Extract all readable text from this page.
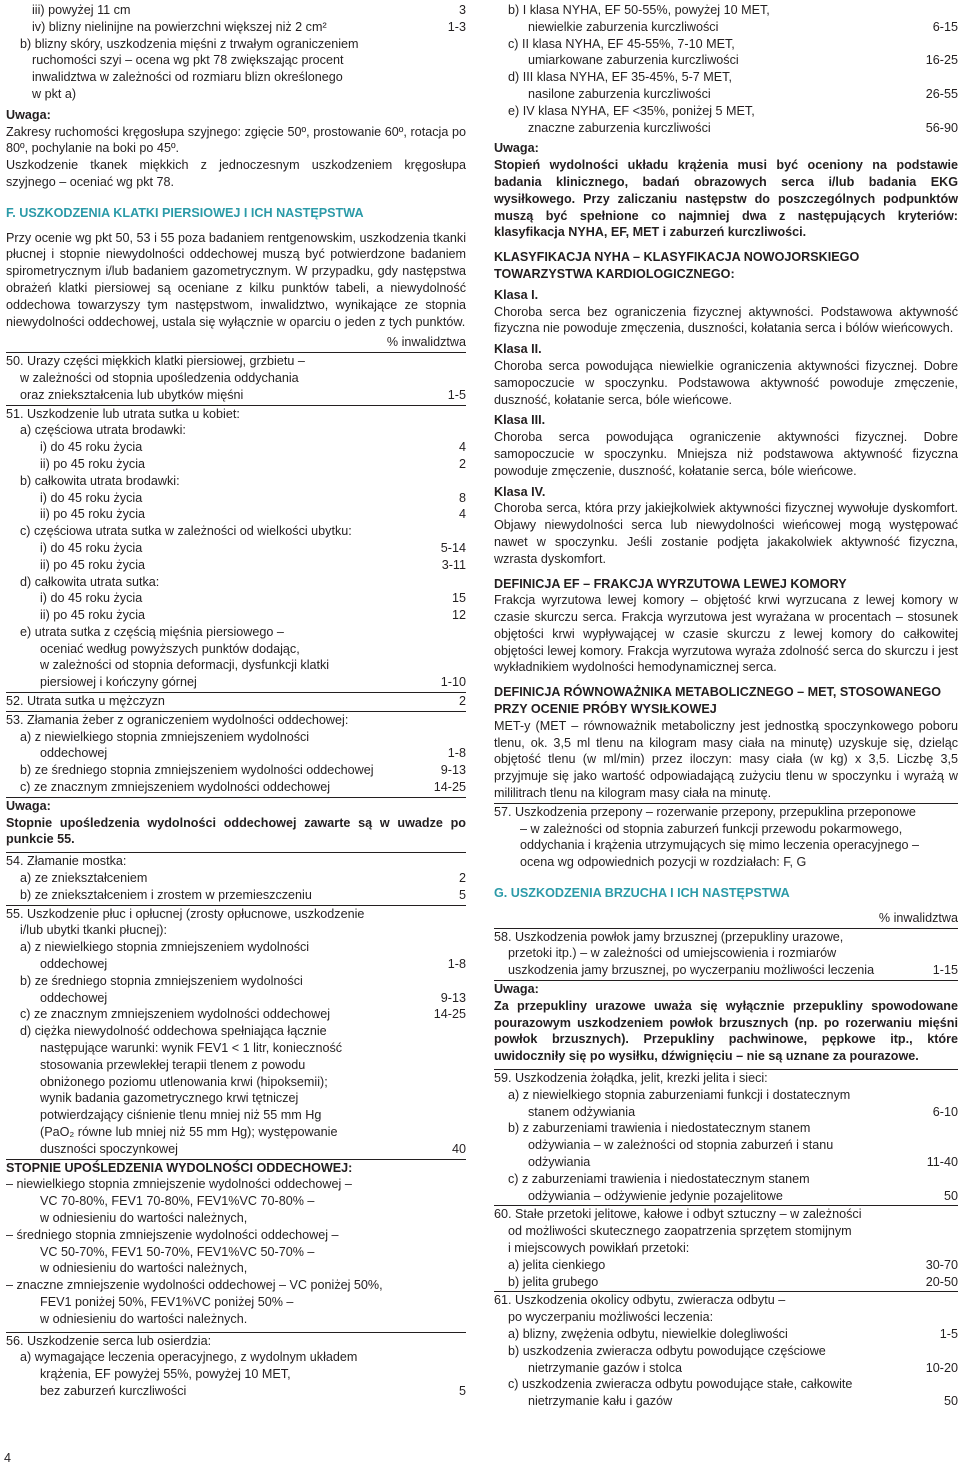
iii) powyżej 11 cm	3
iv) blizny nielinijne na powierzchni większej niż 2 cm²	1-3
b) blizny skóry, uszkodzenia mięśni z trwałym ograniczeniem
ruchomości szyi – ocena wg pkt 78 zwiększając procent
inwalidztwa w zależności od rozmiaru blizn określonego
w pkt a)
Uwaga:
Zakresy ruchomości kręgosłupa szyjnego: zgięcie 50º, prostowanie 60º, rotacja po 80º, pochylanie na boki po 45º.
Uszkodzenie tkanek miękkich z jednoczesnym uszkodzeniem kręgosłupa szyjnego – oceniać wg pkt 78.
F. USZKODZENIA KLATKI PIERSIOWEJ I ICH NASTĘPSTWA
Przy ocenie wg pkt 50, 53 i 55 poza badaniem rentgenowskim, uszkodzenia tkanki płucnej i stopnie niewydolności oddechowej muszą być potwierdzone badaniem spirometrycznym i/lub badaniem gazometrycznym. W przypadku, gdy następstwa obrażeń klatki piersiowej są oceniane z kilku punktów tabeli, a niewydolność oddechowa towarzyszy tym następstwom, inwalidztwo, wynikające ze stopnia niewydolności oddechowej, ustala się wyłącznie w oparciu o jeden z tych punktów.
% inwalidztwa
50. Urazy części miękkich klatki piersiowej, grzbietu –
w zależności od stopnia upośledzenia oddychania
oraz zniekształcenia lub ubytków mięśni	1-5
51. Uszkodzenie lub utrata sutka u kobiet:
a) częściowa utrata brodawki:
i) do 45 roku życia	4
ii) po 45 roku życia	2
b) całkowita utrata brodawki:
i) do 45 roku życia	8
ii) po 45 roku życia	4
c) częściowa utrata sutka w zależności od wielkości ubytku:
i) do 45 roku życia	5-14
ii) po 45 roku życia	3-11
d) całkowita utrata sutka:
i) do 45 roku życia	15
ii) po 45 roku życia	12
e) utrata sutka z częścią mięśnia piersiowego –
oceniać według powyższych punktów dodając,
w zależności od stopnia deformacji, dysfunkcji klatki
piersiowej i kończyny górnej	1-10
52. Utrata sutka u mężczyzn	2
53. Złamania żeber z ograniczeniem wydolności oddechowej:
a) z niewielkiego stopnia zmniejszeniem wydolności
oddechowej	1-8
b) ze średniego stopnia zmniejszeniem wydolności oddechowej	9-13
c) ze znacznym zmniejszeniem wydolności oddechowej	14-25
Uwaga:
Stopnie upośledzenia wydolności oddechowej zawarte są w uwadze po punkcie 55.
54. Złamanie mostka:
a) ze zniekształceniem	2
b) ze zniekształceniem i zrostem w przemieszczeniu	5
55. Uszkodzenie płuc i opłucnej (zrosty opłucnowe, uszkodzenie
i/lub ubytki tkanki płucnej):
a) z niewielkiego stopnia zmniejszeniem wydolności
oddechowej	1-8
b) ze średniego stopnia zmniejszeniem wydolności
oddechowej	9-13
c) ze znacznym zmniejszeniem wydolności oddechowej	14-25
d) ciężka niewydolność oddechowa spełniająca łącznie
następujące warunki: wynik FEV1 < 1 litr, konieczność
stosowania przewlekłej terapii tlenem z powodu
obniżonego poziomu utlenowania krwi (hipoksemii);
wynik badania gazometrycznego krwi tętniczej
potwierdzający ciśnienie tlenu mniej niż 55 mm Hg
(PaO₂ równe lub mniej niż 55 mm Hg); występowanie
duszności spoczynkowej	40
STOPNIE UPOŚLEDZENIA WYDOLNOŚCI ODDECHOWEJ:
– niewielkiego stopnia zmniejszenie wydolności oddechowej –
VC 70-80%, FEV1 70-80%, FEV1%VC 70-80% –
w odniesieniu do wartości należnych,
– średniego stopnia zmniejszenie wydolności oddechowej –
VC 50-70%, FEV1 50-70%, FEV1%VC 50-70% –
w odniesieniu do wartości należnych,
– znaczne zmniejszenie wydolności oddechowej – VC poniżej 50%,
FEV1 poniżej 50%, FEV1%VC poniżej 50% –
w odniesieniu do wartości należnych.
56. Uszkodzenie serca lub osierdzia:
a) wymagające leczenia operacyjnego, z wydolnym układem
krążenia, EF powyżej 55%, powyżej 10 MET,
bez zaburzeń kurczliwości	5
b) I klasa NYHA, EF 50-55%, powyżej 10 MET,
niewielkie zaburzenia kurczliwości	6-15
c) II klasa NYHA, EF 45-55%, 7-10 MET,
umiarkowane zaburzenia kurczliwości	16-25
d) III klasa NYHA, EF 35-45%, 5-7 MET,
nasilone zaburzenia kurczliwości	26-55
e) IV klasa NYHA, EF <35%, poniżej 5 MET,
znaczne zaburzenia kurczliwości	56-90
Uwaga:
Stopień wydolności układu krążenia musi być oceniony na podstawie badania klinicznego, badań obrazowych serca i/lub badania EKG wysiłkowego. Przy zaliczaniu następstw do poszczególnych podpunktów muszą być spełnione co najmniej dwa z następujących kryteriów: klasyfikacja NYHA, EF, MET i zaburzeń kurczliwości.
KLASYFIKACJA NYHA – KLASYFIKACJA NOWOJORSKIEGO TOWARZYSTWA KARDIOLOGICZNEGO:
Klasa I.
Choroba serca bez ograniczenia fizycznej aktywności. Podstawowa aktywność fizyczna nie powoduje zmęczenia, duszności, kołatania serca i bólów wieńcowych.
Klasa II.
Choroba serca powodująca niewielkie ograniczenia aktywności fizycznej. Dobre samopoczucie w spoczynku. Podstawowa aktywność powoduje zmęczenie, duszność, kołatanie serca, bóle wieńcowe.
Klasa III.
Choroba serca powodująca ograniczenie aktywności fizycznej. Dobre samopoczucie w spoczynku. Mniejsza niż podstawowa aktywność fizyczna powoduje zmęczenie, duszność, kołatanie serca, bóle wieńcowe.
Klasa IV.
Choroba serca, która przy jakiejkolwiek aktywności fizycznej wywołuje dyskomfort. Objawy niewydolności serca lub niewydolności wieńcowej mogą występować nawet w spoczynku. Jeśli zostanie podjęta jakakolwiek aktywność fizyczna, wzrasta dyskomfort.
DEFINICJA EF – FRAKCJA WYRZUTOWA LEWEJ KOMORY
Frakcja wyrzutowa lewej komory – objętość krwi wyrzucana z lewej komory w czasie skurczu serca. Frakcja wyrzutowa jest wyrażana w procentach – stosunek objętości krwi wypływającej w czasie skurczu z lewej komory do całkowitej objętości lewej komory. Frakcja wyrzutowa wyraża zdolność serca do skurczu i jest wykładnikiem wydolności hemodynamicznej serca.
DEFINICJA RÓWNOWAŻNIKA METABOLICZNEGO – MET, STOSOWANEGO PRZY OCENIE PRÓBY WYSIŁKOWEJ
MET-y (MET – równoważnik metaboliczny jest jednostką spoczynkowego poboru tlenu, ok. 3,5 ml tlenu na kilogram masy ciała na minutę) uzyskuje się, dzieląc objętość tlenu (w ml/min) przez iloczyn: masy ciała (w kg) x 3,5. Liczbę 3,5 przyjmuje się jako wartość odpowiadającą zużyciu tlenu w spoczynku i wyrażą w mililitrach tlenu na kilogram masy ciała na minutę.
57. Uszkodzenia przepony – rozerwanie przepony, przepuklina przeponowe
– w zależności od stopnia zaburzeń funkcji przewodu pokarmowego,
oddychania i krążenia utrzymujących się mimo leczenia operacyjnego –
ocena wg odpowiednich pozycji w rozdziałach: F, G
G. USZKODZENIA BRZUCHA I ICH NASTĘPSTWA
% inwalidztwa
58. Uszkodzenia powłok jamy brzusznej (przepukliny urazowe,
przetoki itp.) – w zależności od umiejscowienia i rozmiarów
uszkodzenia jamy brzusznej, po wyczerpaniu możliwości leczenia	1-15
Uwaga:
Za przepukliny urazowe uważa się wyłącznie przepukliny spowodowane pourazowym uszkodzeniem powłok brzusznych (np. po rozerwaniu mięśni powłok brzusznych). Przepukliny pachwinowe, pępkowe itp., które uwidoczniły się po wysiłku, dźwignięciu – nie są uznane za pourazowe.
59. Uszkodzenia żołądka, jelit, krezki jelita i sieci:
a) z niewielkiego stopnia zaburzeniami funkcji i dostatecznym
stanem odżywiania	6-10
b) z zaburzeniami trawienia i niedostatecznym stanem
odżywiania – w zależności od stopnia zaburzeń i stanu
odżywiania	11-40
c) z zaburzeniami trawienia i niedostatecznym stanem
odżywiania – odżywienie jedynie pozajelitowe	50
60. Stałe przetoki jelitowe, kałowe i odbyt sztuczny – w zależności
od możliwości skutecznego zaopatrzenia sprzętem stomijnym
i miejscowych powikłań przetoki:
a) jelita cienkiego	30-70
b) jelita grubego	20-50
61. Uszkodzenia okolicy odbytu, zwieracza odbytu –
po wyczerpaniu możliwości leczenia:
a) blizny, zwężenia odbytu, niewielkie dolegliwości	1-5
b) uszkodzenia zwieracza odbytu powodujące częściowe
nietrzymanie gazów i stolca	10-20
c) uszkodzenia zwieracza odbytu powodujące stałe, całkowite
nietrzymanie kału i gazów	50
4
